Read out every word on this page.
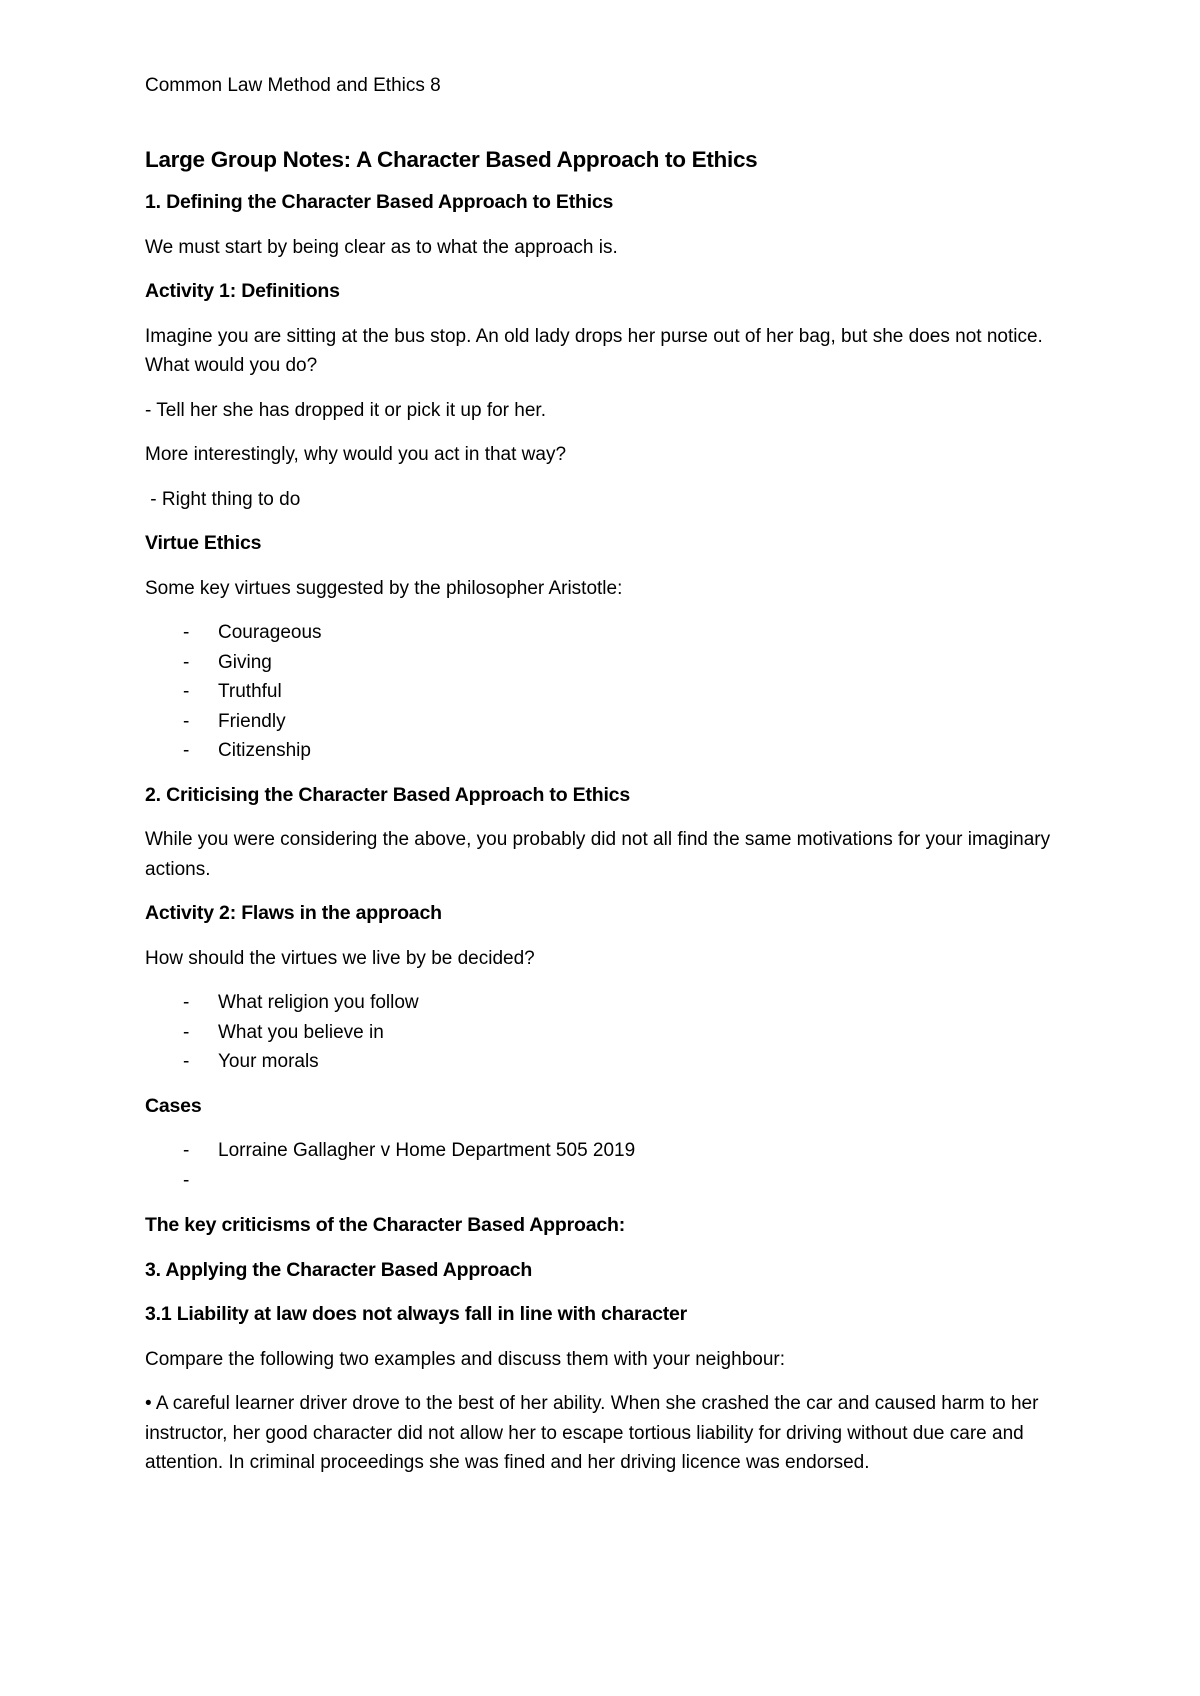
Common Law Method and Ethics 8
Large Group Notes: A Character Based Approach to Ethics
1. Defining the Character Based Approach to Ethics
We must start by being clear as to what the approach is.
Activity 1: Definitions
Imagine you are sitting at the bus stop. An old lady drops her purse out of her bag, but she does not notice. What would you do?
- Tell her she has dropped it or pick it up for her.
More interestingly, why would you act in that way?
- Right thing to do
Virtue Ethics
Some key virtues suggested by the philosopher Aristotle:
- Courageous
- Giving
- Truthful
- Friendly
- Citizenship
2. Criticising the Character Based Approach to Ethics
While you were considering the above, you probably did not all find the same motivations for your imaginary actions.
Activity 2: Flaws in the approach
How should the virtues we live by be decided?
- What religion you follow
- What you believe in
- Your morals
Cases
- Lorraine Gallagher v Home Department 505 2019
-
The key criticisms of the Character Based Approach:
3. Applying the Character Based Approach
3.1 Liability at law does not always fall in line with character
Compare the following two examples and discuss them with your neighbour:
• A careful learner driver drove to the best of her ability. When she crashed the car and caused harm to her instructor, her good character did not allow her to escape tortious liability for driving without due care and attention. In criminal proceedings she was fined and her driving licence was endorsed.
